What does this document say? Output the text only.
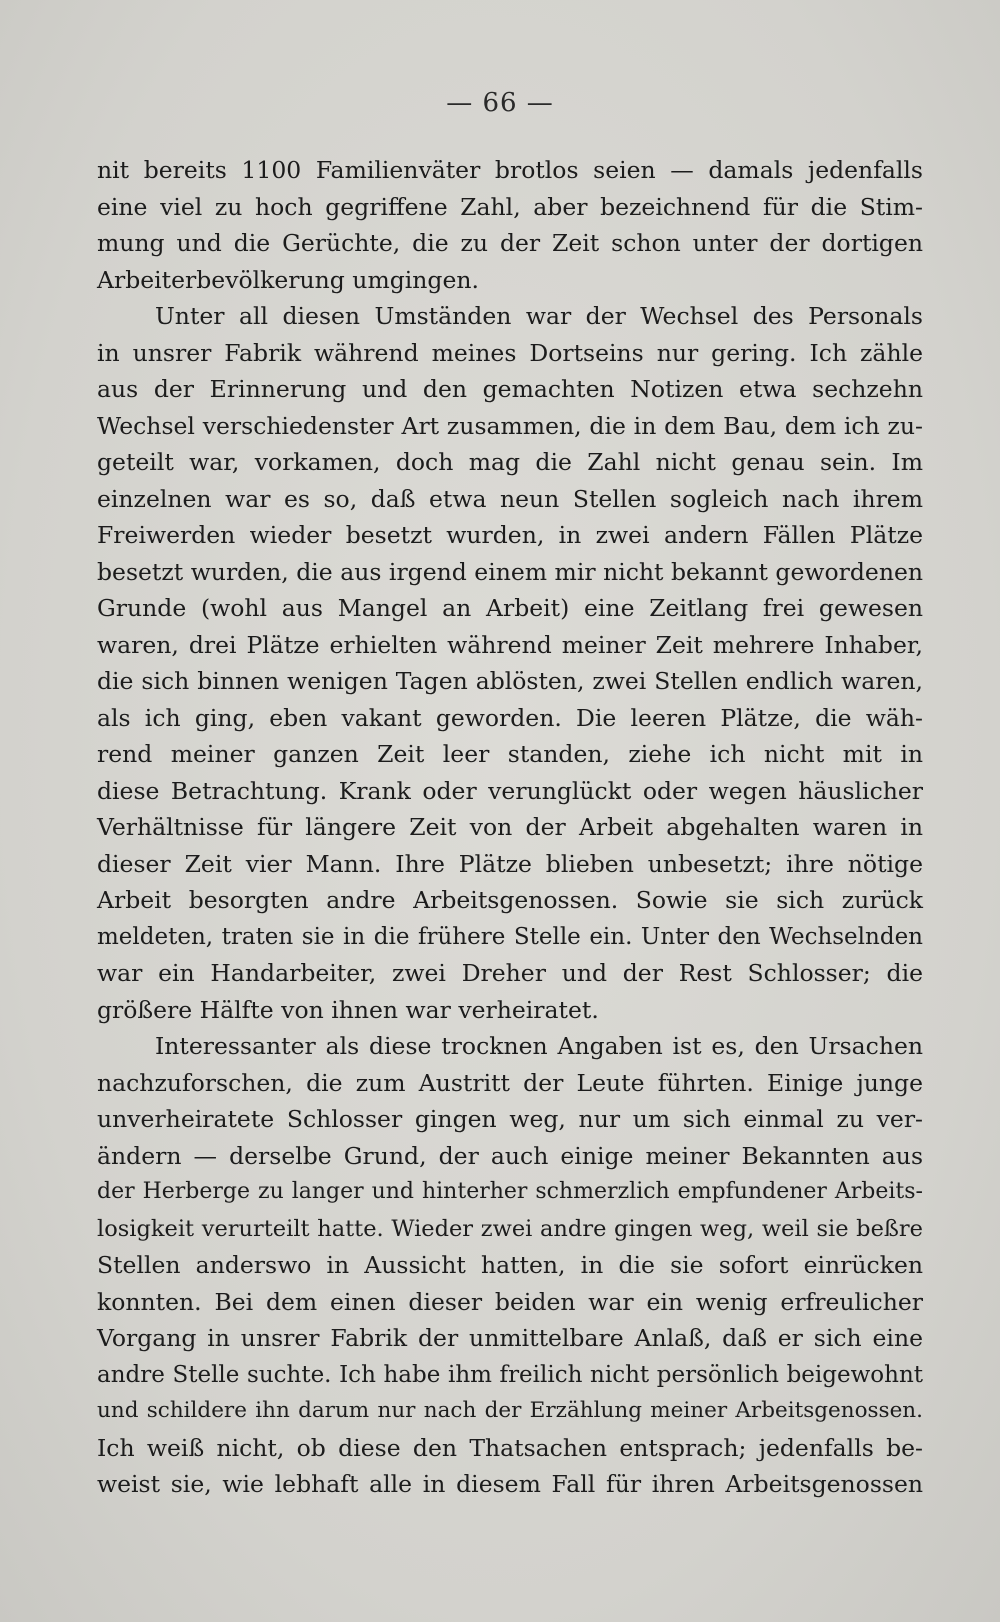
— 66 —
nit bereits 1100 Familienväter brotlos seien — damals jedenfalls
eine viel zu hoch gegriffene Zahl, aber bezeichnend für die Stim-
mung und die Gerüchte, die zu der Zeit schon unter der dortigen
Arbeiterbevölkerung umgingen.
Unter all diesen Umständen war der Wechsel des Personals
in unsrer Fabrik während meines Dortseins nur gering. Ich zähle
aus der Erinnerung und den gemachten Notizen etwa sechzehn
Wechsel verschiedenster Art zusammen, die in dem Bau, dem ich zu-
geteilt war, vorkamen, doch mag die Zahl nicht genau sein. Im
einzelnen war es so, daß etwa neun Stellen sogleich nach ihrem
Freiwerden wieder besetzt wurden, in zwei andern Fällen Plätze
besetzt wurden, die aus irgend einem mir nicht bekannt gewordenen
Grunde (wohl aus Mangel an Arbeit) eine Zeitlang frei gewesen
waren, drei Plätze erhielten während meiner Zeit mehrere Inhaber,
die sich binnen wenigen Tagen ablösten, zwei Stellen endlich waren,
als ich ging, eben vakant geworden. Die leeren Plätze, die wäh-
rend meiner ganzen Zeit leer standen, ziehe ich nicht mit in
diese Betrachtung. Krank oder verunglückt oder wegen häuslicher
Verhältnisse für längere Zeit von der Arbeit abgehalten waren in
dieser Zeit vier Mann. Ihre Plätze blieben unbesetzt; ihre nötige
Arbeit besorgten andre Arbeitsgenossen. Sowie sie sich zurück
meldeten, traten sie in die frühere Stelle ein. Unter den Wechselnden
war ein Handarbeiter, zwei Dreher und der Rest Schlosser; die
größere Hälfte von ihnen war verheiratet.
Interessanter als diese trocknen Angaben ist es, den Ursachen
nachzuforschen, die zum Austritt der Leute führten. Einige junge
unverheiratete Schlosser gingen weg, nur um sich einmal zu ver-
ändern — derselbe Grund, der auch einige meiner Bekannten aus
der Herberge zu langer und hinterher schmerzlich empfundener Arbeits-
losigkeit verurteilt hatte. Wieder zwei andre gingen weg, weil sie beßre
Stellen anderswo in Aussicht hatten, in die sie sofort einrücken
konnten. Bei dem einen dieser beiden war ein wenig erfreulicher
Vorgang in unsrer Fabrik der unmittelbare Anlaß, daß er sich eine
andre Stelle suchte. Ich habe ihm freilich nicht persönlich beigewohnt
und schildere ihn darum nur nach der Erzählung meiner Arbeitsgenossen.
Ich weiß nicht, ob diese den Thatsachen entsprach; jedenfalls be-
weist sie, wie lebhaft alle in diesem Fall für ihren Arbeitsgenossen
